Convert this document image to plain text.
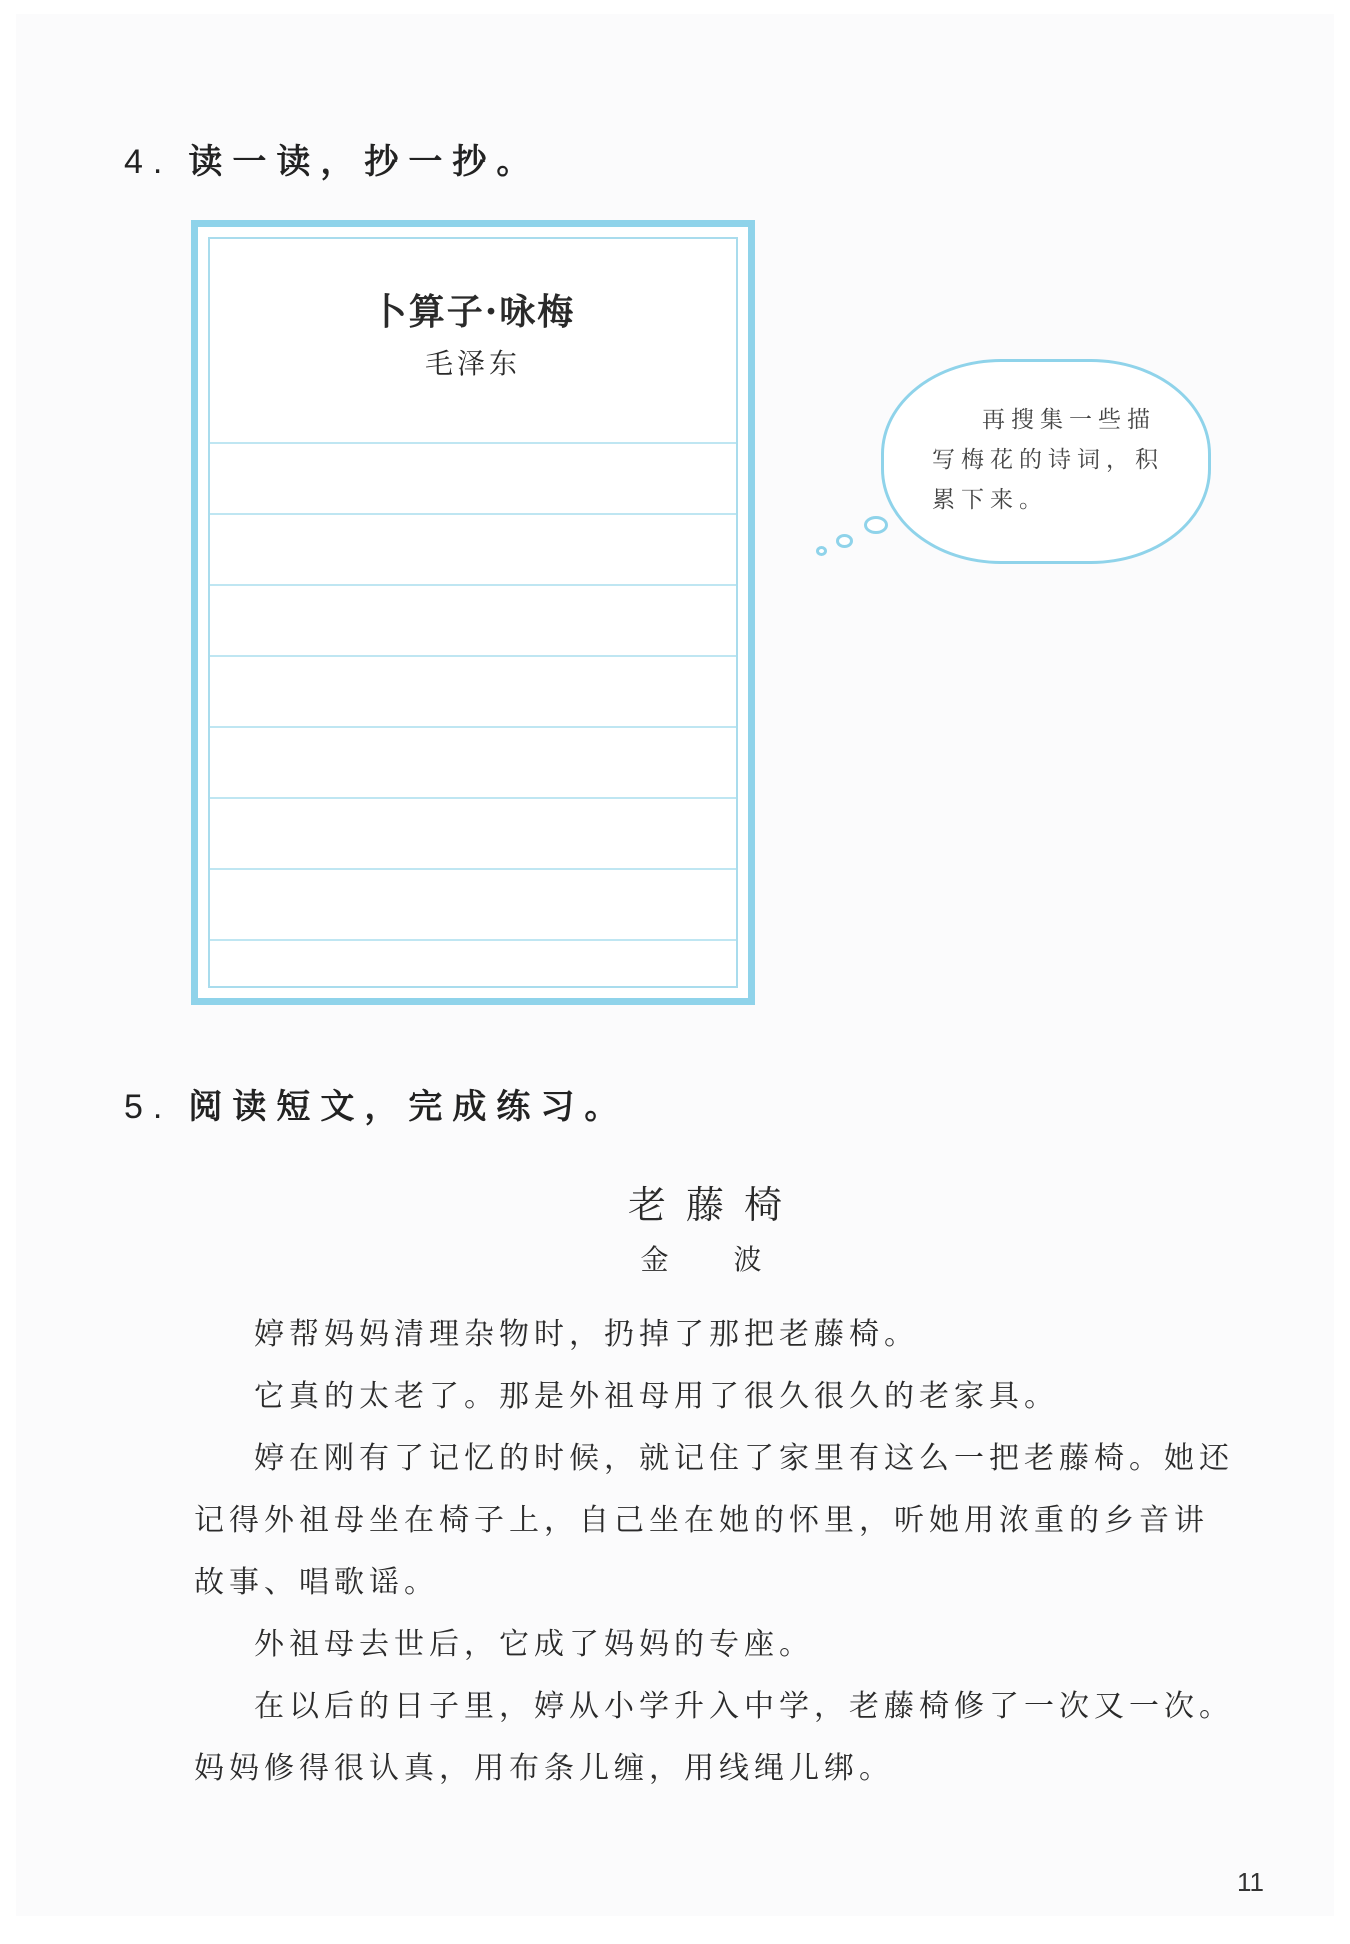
4. 读一读，抄一抄。
卜算子·咏梅
毛泽东
再搜集一些描
写梅花的诗词，积
累下来。
5. 阅读短文，完成练习。
老藤椅
金 波

婷帮妈妈清理杂物时，扔掉了那把老藤椅。

它真的太老了。那是外祖母用了很久很久的老家具。

婷在刚有了记忆的时候，就记住了家里有这么一把老藤椅。她还记得外祖母坐在椅子上，自己坐在她的怀里，听她用浓重的乡音讲故事、唱歌谣。

外祖母去世后，它成了妈妈的专座。

在以后的日子里，婷从小学升入中学，老藤椅修了一次又一次。妈妈修得很认真，用布条儿缠，用线绳儿绑。

11
